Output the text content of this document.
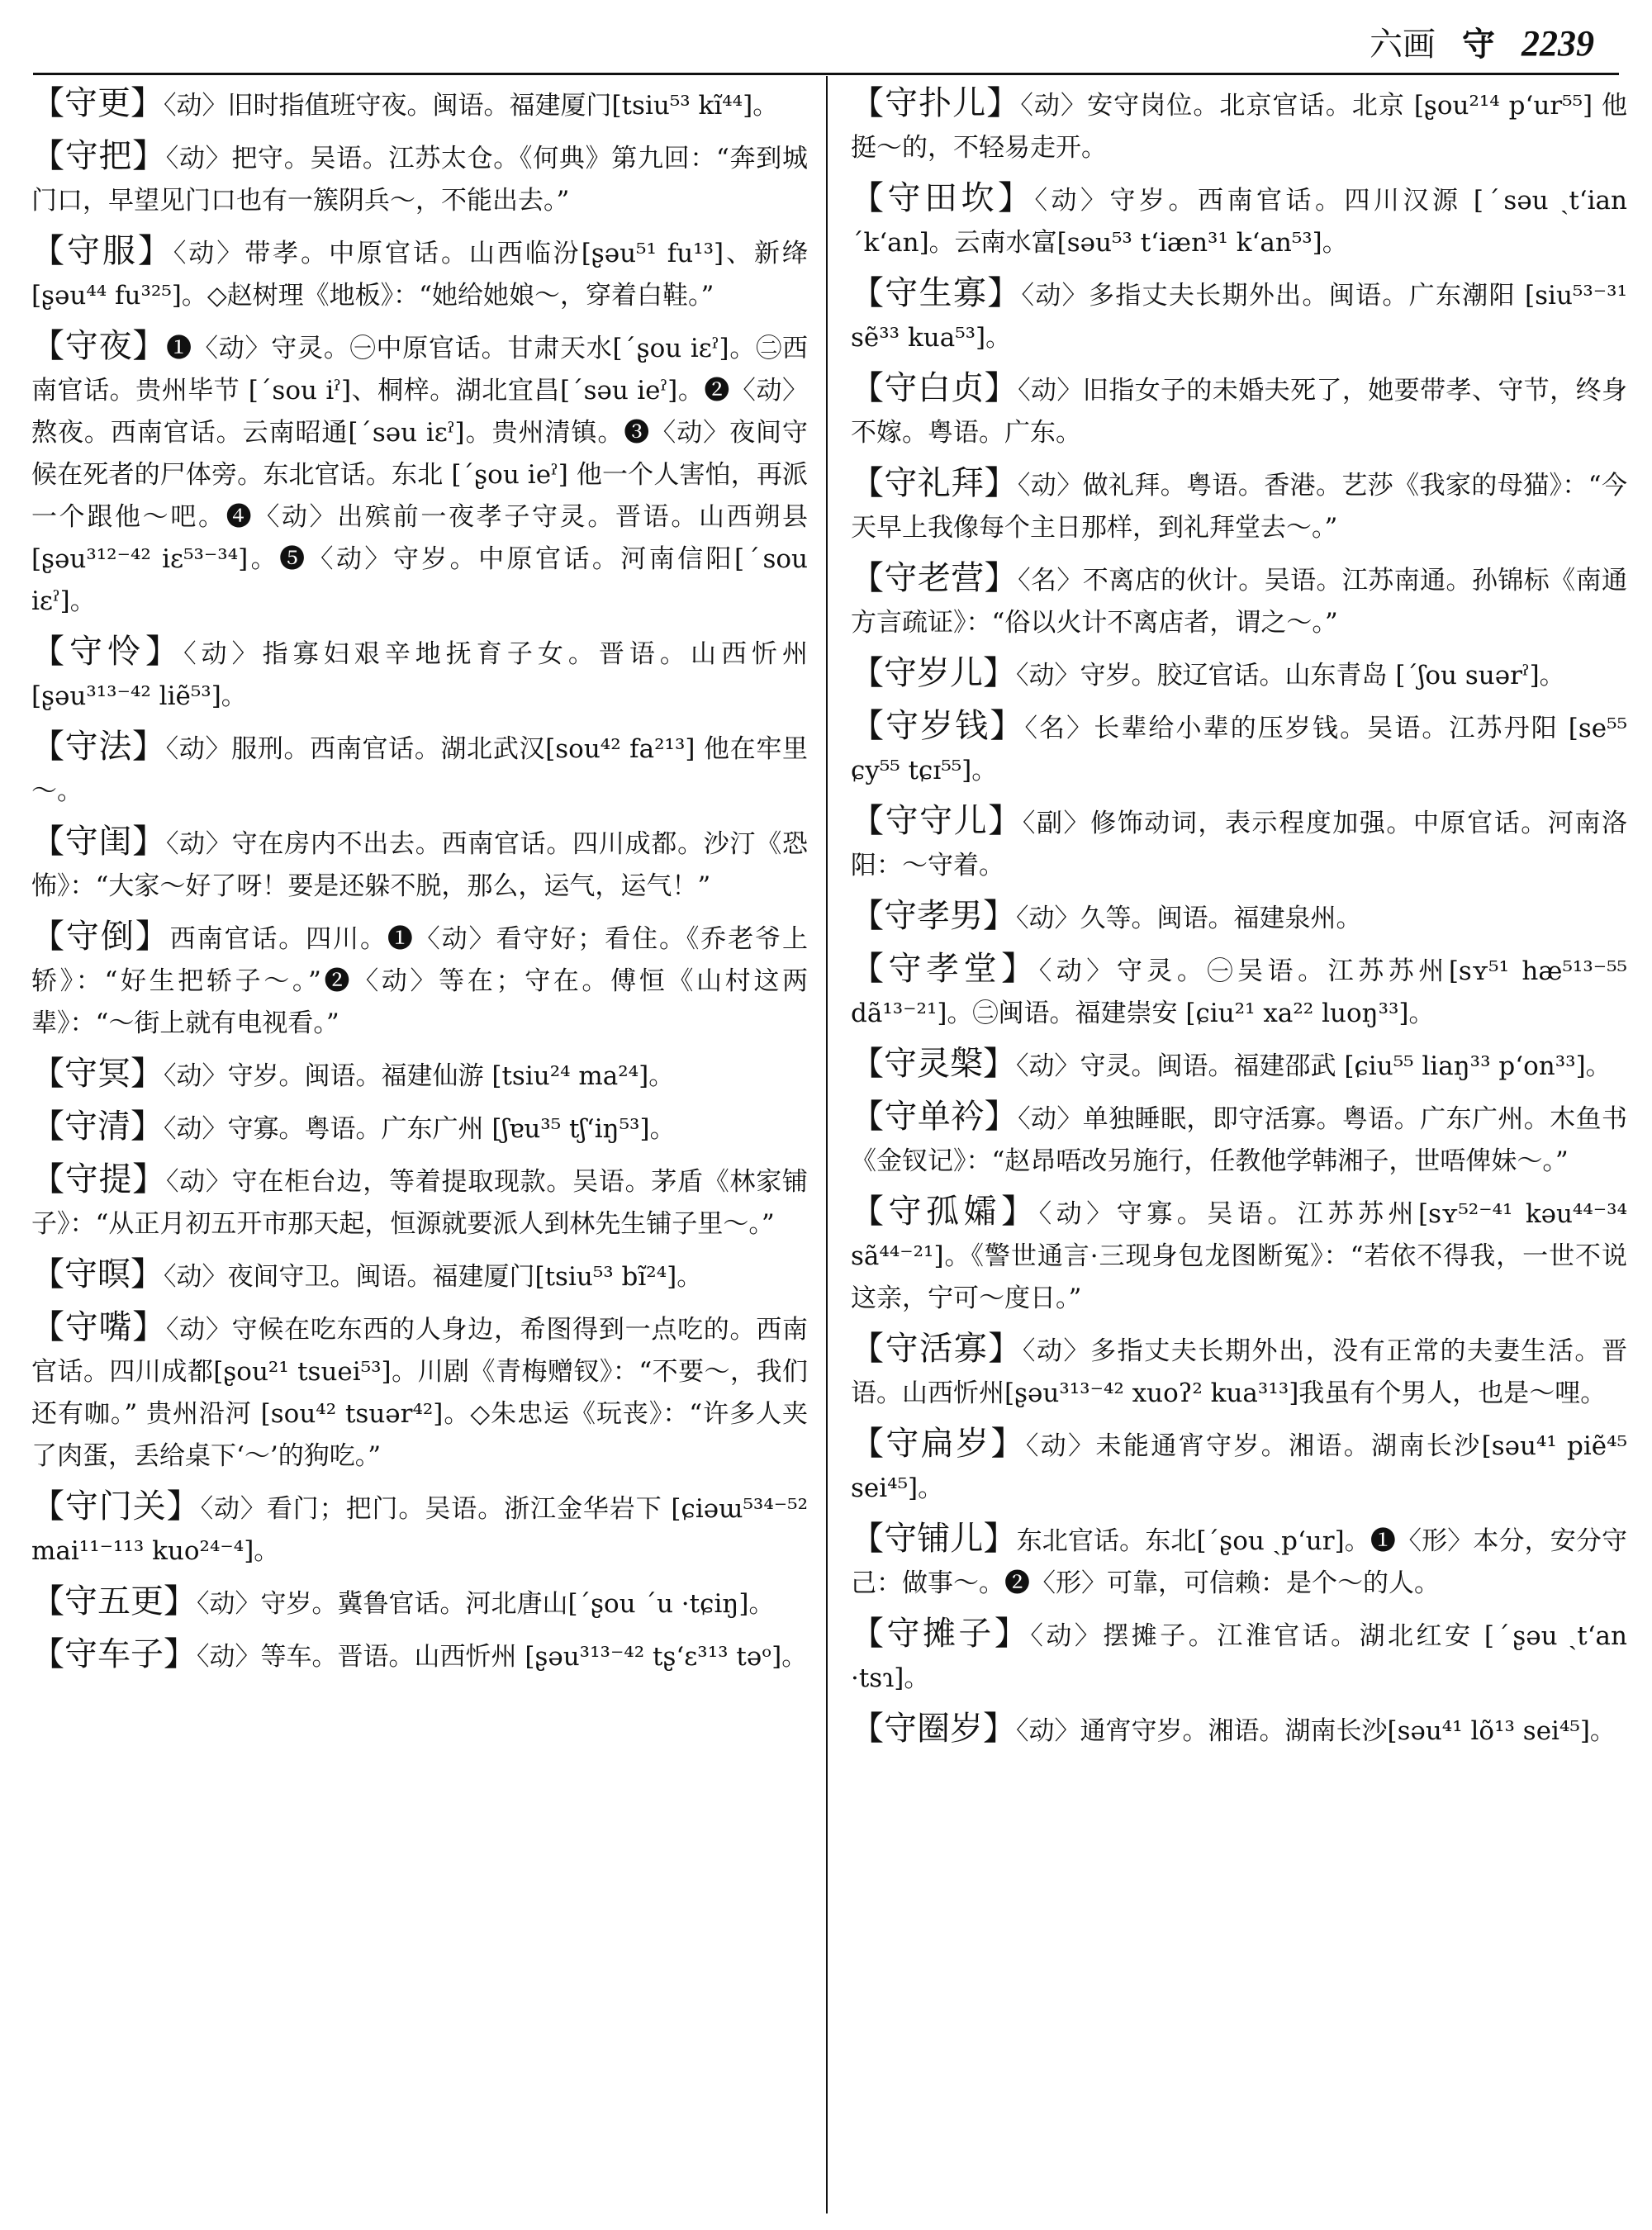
六画 守 2239

【守更】〈动〉旧时指值班守夜。闽语。福建厦门[tsiu⁵³ kĩ⁴⁴]。

【守把】〈动〉把守。吴语。江苏太仓。《何典》第九回：“奔到城门口，早望见门口也有一簇阴兵～，不能出去。”

【守服】〈动〉带孝。中原官话。山西临汾[ʂəu⁵¹ fu¹³]、新绛[ʂəu⁴⁴ fu³²⁵]。◇赵树理《地板》：“她给她娘～，穿着白鞋。”

【守夜】❶〈动〉守灵。㊀中原官话。甘肃天水[ˊʂou iɛˀ]。㊁西南官话。贵州毕节 [ˊsou iˀ]、桐梓。湖北宜昌[ˊsəu ieˀ]。❷〈动〉熬夜。西南官话。云南昭通[ˊsəu iɛˀ]。贵州清镇。❸〈动〉夜间守候在死者的尸体旁。东北官话。东北 [ˊʂou ieˀ] 他一个人害怕，再派一个跟他～吧。❹〈动〉出殡前一夜孝子守灵。晋语。山西朔县 [ʂəu³¹²⁻⁴² iɛ⁵³⁻³⁴]。❺〈动〉守岁。中原官话。河南信阳[ˊsou iɛˀ]。

【守怜】〈动〉指寡妇艰辛地抚育子女。晋语。山西忻州[ʂəu³¹³⁻⁴² liẽ⁵³]。

【守法】〈动〉服刑。西南官话。湖北武汉[sou⁴² fa²¹³] 他在牢里～。

【守闺】〈动〉守在房内不出去。西南官话。四川成都。沙汀《恐怖》：“大家～好了呀！要是还躲不脱，那么，运气，运气！”

【守倒】西南官话。四川。❶〈动〉看守好；看住。《乔老爷上轿》：“好生把轿子～。”❷〈动〉等在；守在。傅恒《山村这两辈》：“～街上就有电视看。”

【守冥】〈动〉守岁。闽语。福建仙游 [tsiu²⁴ ma²⁴]。

【守清】〈动〉守寡。粤语。广东广州 [ʃɐu³⁵ tʃʻiŋ⁵³]。

【守提】〈动〉守在柜台边，等着提取现款。吴语。茅盾《林家铺子》：“从正月初五开市那天起，恒源就要派人到林先生铺子里～。”

【守暝】〈动〉夜间守卫。闽语。福建厦门[tsiu⁵³ bĩ²⁴]。

【守嘴】〈动〉守候在吃东西的人身边，希图得到一点吃的。西南官话。四川成都[ʂou²¹ tsuei⁵³]。川剧《青梅赠钗》：“不要～，我们还有咖。” 贵州沿河 [sou⁴² tsuər⁴²]。◇朱忠运《玩丧》：“许多人夹了肉蛋，丢给桌下‘～’的狗吃。”

【守门关】〈动〉看门；把门。吴语。浙江金华岩下 [ɕiəɯ⁵³⁴⁻⁵² mai¹¹⁻¹¹³ kuo²⁴⁻⁴]。

【守五更】〈动〉守岁。冀鲁官话。河北唐山[ˊʂou ˊu ·tɕiŋ]。

【守车子】〈动〉等车。晋语。山西忻州 [ʂəu³¹³⁻⁴² tʂʻɛ³¹³ təᵒ]。

【守扑儿】〈动〉安守岗位。北京官话。北京 [ʂou²¹⁴ pʻur⁵⁵] 他挺～的，不轻易走开。

【守田坎】〈动〉守岁。西南官话。四川汉源 [ˊsəu ˏtʻian ˊkʻan]。云南水富[səu⁵³ tʻiæn³¹ kʻan⁵³]。

【守生寡】〈动〉多指丈夫长期外出。闽语。广东潮阳 [siu⁵³⁻³¹ sẽ³³ kua⁵³]。

【守白贞】〈动〉旧指女子的未婚夫死了，她要带孝、守节，终身不嫁。粤语。广东。

【守礼拜】〈动〉做礼拜。粤语。香港。艺莎《我家的母猫》：“今天早上我像每个主日那样，到礼拜堂去～。”

【守老营】〈名〉不离店的伙计。吴语。江苏南通。孙锦标《南通方言疏证》：“俗以火计不离店者，谓之～。”

【守岁儿】〈动〉守岁。胶辽官话。山东青岛 [ˊʃou suərˀ]。

【守岁钱】〈名〉长辈给小辈的压岁钱。吴语。江苏丹阳 [se⁵⁵ ɕy⁵⁵ tɕɪ⁵⁵]。

【守守儿】〈副〉修饰动词，表示程度加强。中原官话。河南洛阳：～守着。

【守孝男】〈动〉久等。闽语。福建泉州。

【守孝堂】〈动〉守灵。㊀吴语。江苏苏州[sʏ⁵¹ hæ⁵¹³⁻⁵⁵ dã¹³⁻²¹]。㊁闽语。福建崇安 [ɕiu²¹ xa²² luoŋ³³]。

【守灵槃】〈动〉守灵。闽语。福建邵武 [ɕiu⁵⁵ liaŋ³³ pʻon³³]。

【守单衿】〈动〉单独睡眠，即守活寡。粤语。广东广州。木鱼书《金钗记》：“赵昂唔改另施行，任教他学韩湘子，世唔俾妹～。”

【守孤孀】〈动〉守寡。吴语。江苏苏州[sʏ⁵²⁻⁴¹ kəu⁴⁴⁻³⁴ sã⁴⁴⁻²¹]。《警世通言·三现身包龙图断冤》：“若依不得我，一世不说这亲，宁可～度日。”

【守活寡】〈动〉多指丈夫长期外出，没有正常的夫妻生活。晋语。山西忻州[ʂəu³¹³⁻⁴² xuoʔ² kua³¹³]我虽有个男人，也是～哩。

【守扁岁】〈动〉未能通宵守岁。湘语。湖南长沙[səu⁴¹ piẽ⁴⁵ sei⁴⁵]。

【守铺儿】东北官话。东北[ˊʂou ˏpʻur]。❶〈形〉本分，安分守己：做事～。❷〈形〉可靠，可信赖：是个～的人。

【守摊子】〈动〉摆摊子。江淮官话。湖北红安 [ˊʂəu ˏtʻan ·tsɿ]。

【守圈岁】〈动〉通宵守岁。湘语。湖南长沙[səu⁴¹ lõ¹³ sei⁴⁵]。
